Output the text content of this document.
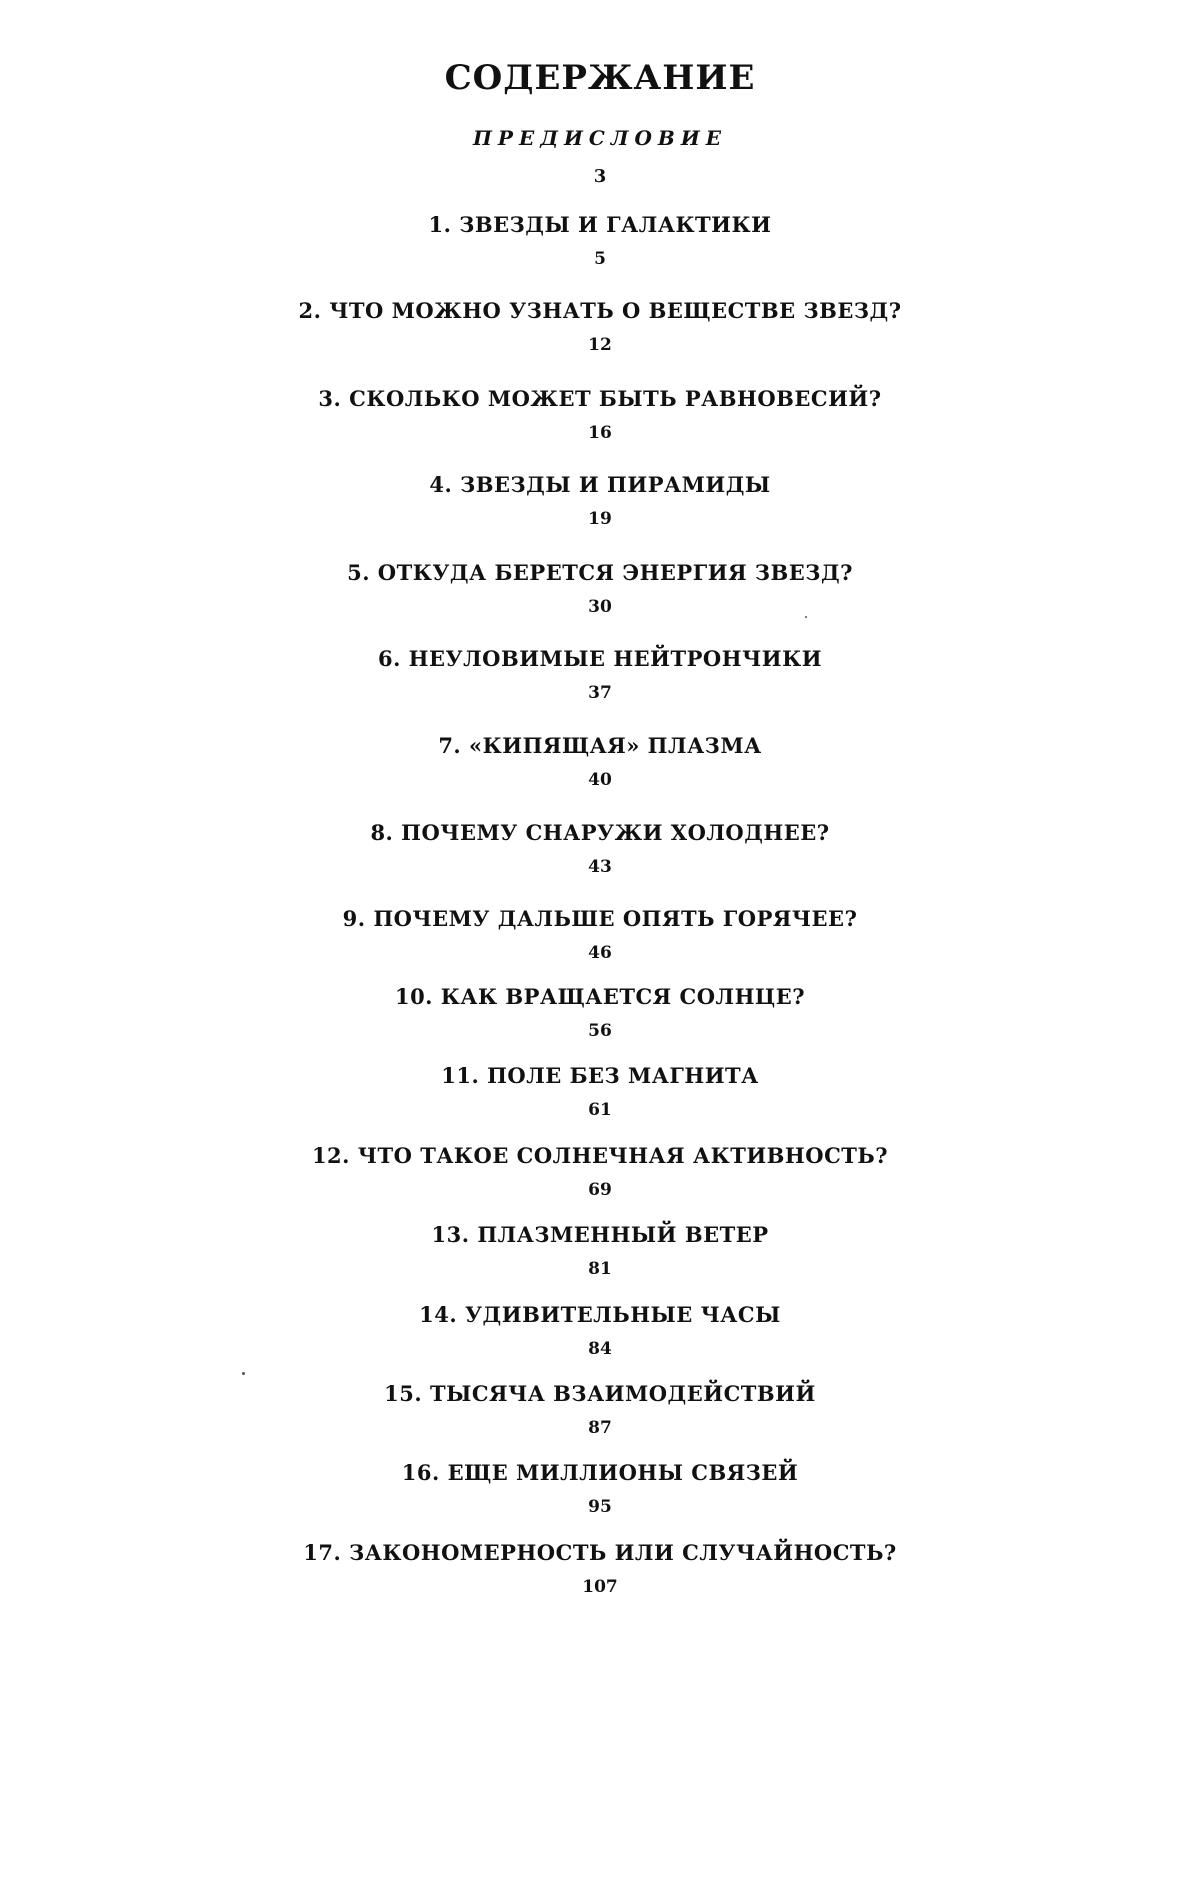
СОДЕРЖАНИЕ
ПРЕДИСЛОВИЕ
3
1. ЗВЕЗДЫ И ГАЛАКТИКИ
5
2. ЧТО МОЖНО УЗНАТЬ О ВЕЩЕСТВЕ ЗВЕЗД?
12
3. СКОЛЬКО МОЖЕТ БЫТЬ РАВНОВЕСИЙ?
16
4. ЗВЕЗДЫ И ПИРАМИДЫ
19
5. ОТКУДА БЕРЕТСЯ ЭНЕРГИЯ ЗВЕЗД?
30
6. НЕУЛОВИМЫЕ НЕЙТРОНЧИКИ
37
7. «КИПЯЩАЯ» ПЛАЗМА
40
8. ПОЧЕМУ СНАРУЖИ ХОЛОДНЕЕ?
43
9. ПОЧЕМУ ДАЛЬШЕ ОПЯТЬ ГОРЯЧЕЕ?
46
10. КАК ВРАЩАЕТСЯ СОЛНЦЕ?
56
11. ПОЛЕ БЕЗ МАГНИТА
61
12. ЧТО ТАКОЕ СОЛНЕЧНАЯ АКТИВНОСТЬ?
69
13. ПЛАЗМЕННЫЙ ВЕТЕР
81
14. УДИВИТЕЛЬНЫЕ ЧАСЫ
84
15. ТЫСЯЧА ВЗАИМОДЕЙСТВИЙ
87
16. ЕЩЕ МИЛЛИОНЫ СВЯЗЕЙ
95
17. ЗАКОНОМЕРНОСТЬ ИЛИ СЛУЧАЙНОСТЬ?
107
